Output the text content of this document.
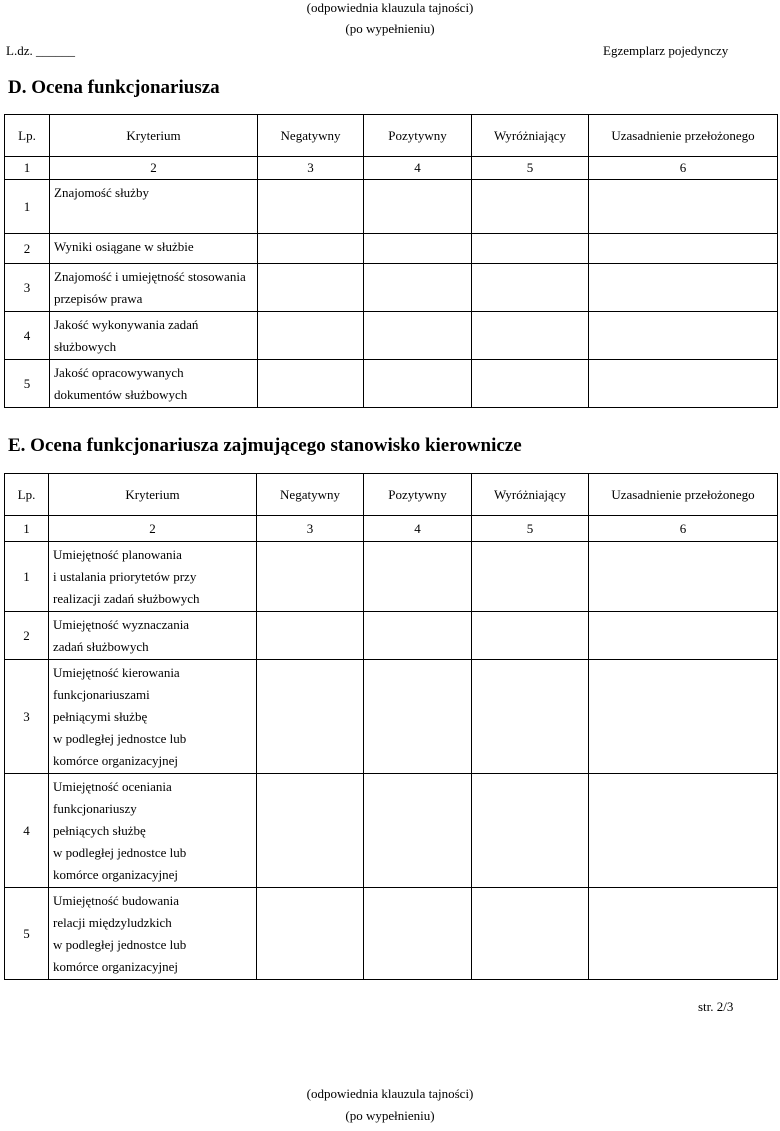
(odpowiednia klauzula tajności)
(po wypełnieniu)
L.dz. ______	Egzemplarz pojedynczy
D. Ocena funkcjonariusza
Lp.	Kryterium	Negatywny	Pozytywny	Wyróżniający	Uzasadnienie przełożonego
1	2	3	4	5	6
1	Znajomość służby				

2	Wyniki osiągane w służbie				

3	Znajomość i umiejętność stosowania
przepisów prawa				

4	Jakość wykonywania zadań
służbowych				

5	Jakość opracowywanych
dokumentów służbowych				

E. Ocena funkcjonariusza zajmującego stanowisko kierownicze
Lp.	Kryterium	Negatywny	Pozytywny	Wyróżniający	Uzasadnienie przełożonego
1	2	3	4	5	6
1	Umiejętność planowania
i ustalania priorytetów przy
realizacji zadań służbowych				

2	Umiejętność wyznaczania
zadań służbowych				

3	Umiejętność kierowania
funkcjonariuszami
pełniącymi służbę
w podległej jednostce lub
komórce organizacyjnej				

4	Umiejętność oceniania
funkcjonariuszy
pełniących służbę
w podległej jednostce lub
komórce organizacyjnej				

5	Umiejętność budowania
relacji międzyludzkich
w podległej jednostce lub
komórce organizacyjnej				

str. 2/3
(odpowiednia klauzula tajności)
(po wypełnieniu)
